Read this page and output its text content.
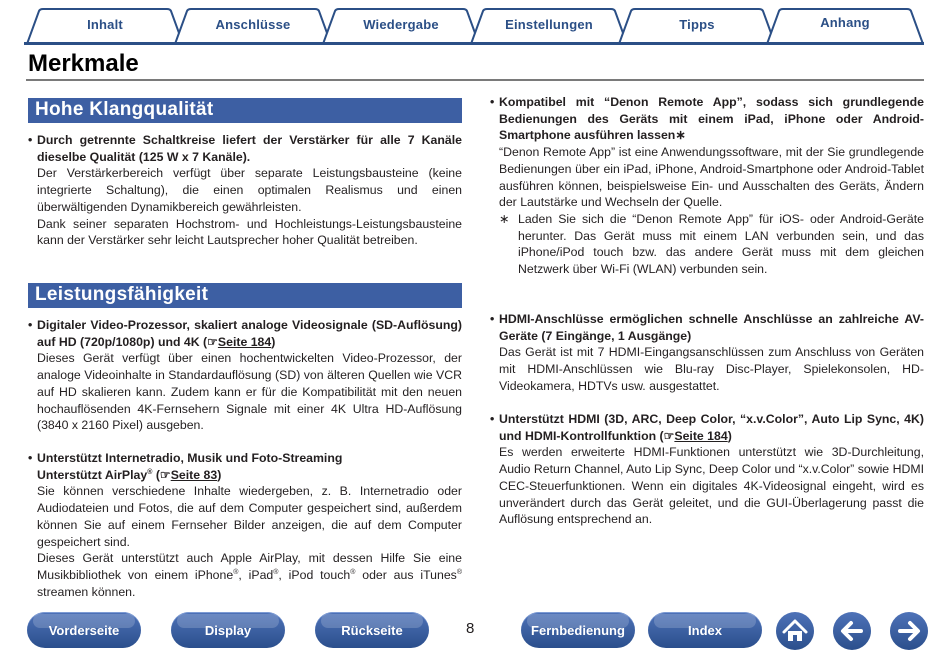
Inhalt	Anschlüsse	Wiedergabe	Einstellungen	Tipps	Anhang
Merkmale
Hohe Klangqualität
• Durch getrennte Schaltkreise liefert der Verstärker für alle 7 Kanäle dieselbe Qualität (125 W x 7 Kanäle).

Der Verstärkerbereich verfügt über separate Leistungsbausteine (keine integrierte Schaltung), die einen optimalen Realismus und einen überwältigenden Dynamikbereich gewährleisten.

Dank seiner separaten Hochstrom- und Hochleistungs-Leistungsbausteine kann der Verstärker sehr leicht Lautsprecher hoher Qualität betreiben.

Leistungsfähigkeit
• Digitaler Video-Prozessor, skaliert analoge Videosignale (SD-Auflösung) auf HD (720p/1080p) und 4K (☞Seite 184)

Dieses Gerät verfügt über einen hochentwickelten Video-Prozessor, der analoge Videoinhalte in Standardauflösung (SD) von älteren Quellen wie VCR auf HD skalieren kann. Zudem kann er für die Kompatibilität mit den neuen hochauflösenden 4K-Fernsehern Signale mit einer 4K Ultra HD-Auflösung (3840 x 2160 Pixel) ausgeben.

• Unterstützt Internetradio, Musik und Foto-Streaming
Unterstützt AirPlay® (☞Seite 83)

Sie können verschiedene Inhalte wiedergeben, z. B. Internetradio oder Audiodateien und Fotos, die auf dem Computer gespeichert sind, außerdem können Sie auf einem Fernseher Bilder anzeigen, die auf dem Computer gespeichert sind.

Dieses Gerät unterstützt auch Apple AirPlay, mit dessen Hilfe Sie eine Musikbibliothek von einem iPhone®, iPad®, iPod touch® oder aus iTunes® streamen können.

• Kompatibel mit “Denon Remote App”, sodass sich grundlegende Bedienungen des Geräts mit einem iPad, iPhone oder Android-Smartphone ausführen lassen∗

“Denon Remote App” ist eine Anwendungssoftware, mit der Sie grundlegende Bedienungen über ein iPad, iPhone, Android-Smartphone oder Android-Tablet ausführen können, beispielsweise Ein- und Ausschalten des Geräts, Ändern der Lautstärke und Wechseln der Quelle.

∗ Laden Sie sich die “Denon Remote App” für iOS- oder Android-Geräte herunter. Das Gerät muss mit einem LAN verbunden sein, und das iPhone/iPod touch bzw. das andere Gerät muss mit dem gleichen Netzwerk über Wi-Fi (WLAN) verbunden sein.
• HDMI-Anschlüsse ermöglichen schnelle Anschlüsse an zahlreiche AV-Geräte (7 Eingänge, 1 Ausgänge)

Das Gerät ist mit 7 HDMI-Eingangsanschlüssen zum Anschluss von Geräten mit HDMI-Anschlüssen wie Blu-ray Disc-Player, Spielekonsolen, HD-Videokamera, HDTVs usw. ausgestattet.

• Unterstützt HDMI (3D, ARC, Deep Color, “x.v.Color”, Auto Lip Sync, 4K) und HDMI-Kontrollfunktion (☞Seite 184)

Es werden erweiterte HDMI-Funktionen unterstützt wie 3D-Durchleitung, Audio Return Channel, Auto Lip Sync, Deep Color und “x.v.Color” sowie HDMI CEC-Steuerfunktionen. Wenn ein digitales 4K-Videosignal eingeht, wird es unverändert durch das Gerät geleitet, und die GUI-Überlagerung passt die Auflösung entsprechend an.

Vorderseite	Display	Rückseite	8	Fernbedienung	Index
